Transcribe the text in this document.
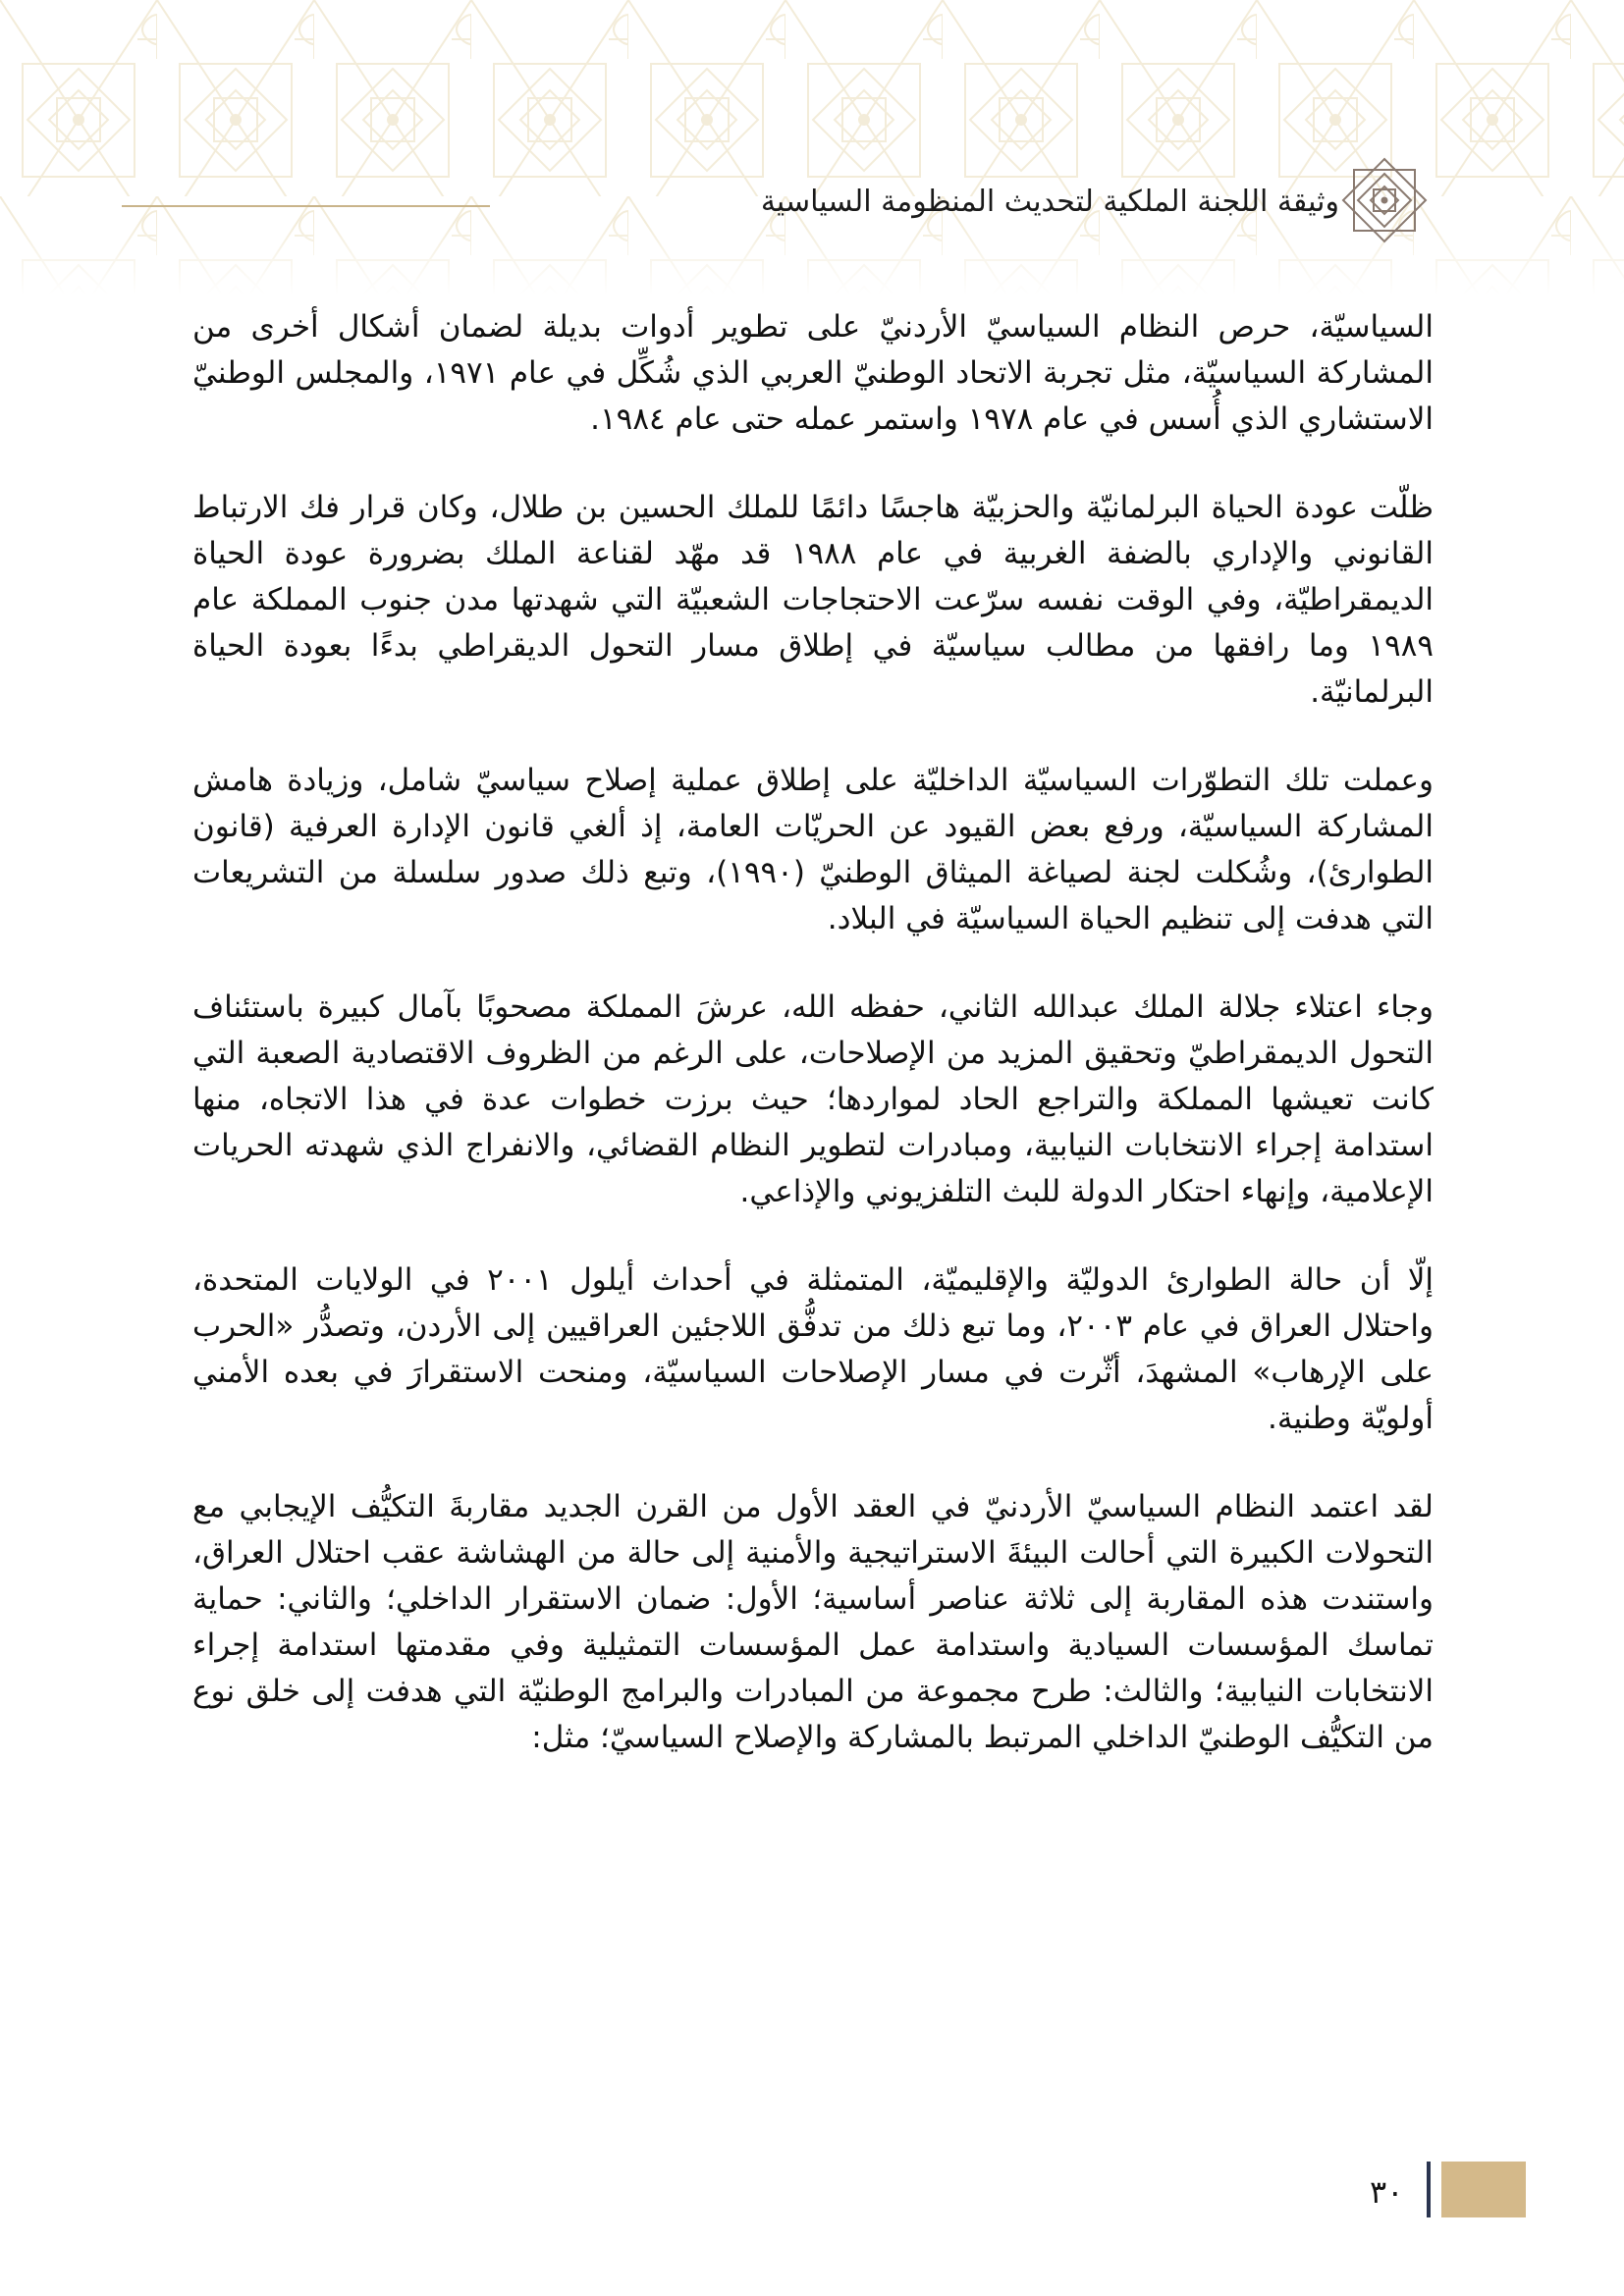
وثيقة اللجنة الملكية لتحديث المنظومة السياسية

السياسيّة، حرص النظام السياسيّ الأردنيّ على تطوير أدوات بديلة لضمان أشكال أخرى من المشاركة السياسيّة، مثل تجربة الاتحاد الوطنيّ العربي الذي شُكِّل في عام ١٩٧١، والمجلس الوطنيّ الاستشاري الذي أُسس في عام ١٩٧٨ واستمر عمله حتى عام ١٩٨٤.

ظلّت عودة الحياة البرلمانيّة والحزبيّة هاجسًا دائمًا للملك الحسين بن طلال، وكان قرار فك الارتباط القانوني والإداري بالضفة الغربية في عام ١٩٨٨ قد مهّد لقناعة الملك بضرورة عودة الحياة الديمقراطيّة، وفي الوقت نفسه سرّعت الاحتجاجات الشعبيّة التي شهدتها مدن جنوب المملكة عام ١٩٨٩ وما رافقها من مطالب سياسيّة في إطلاق مسار التحول الديقراطي بدءًا بعودة الحياة البرلمانيّة.

وعملت تلك التطوّرات السياسيّة الداخليّة على إطلاق عملية إصلاح سياسيّ شامل، وزيادة هامش المشاركة السياسيّة، ورفع بعض القيود عن الحريّات العامة، إذ ألغي قانون الإدارة العرفية (قانون الطوارئ)، وشُكلت لجنة لصياغة الميثاق الوطنيّ (١٩٩٠)، وتبع ذلك صدور سلسلة من التشريعات التي هدفت إلى تنظيم الحياة السياسيّة في البلاد.

وجاء اعتلاء جلالة الملك عبدالله الثاني، حفظه الله، عرشَ المملكة مصحوبًا بآمال كبيرة باستئناف التحول الديمقراطيّ وتحقيق المزيد من الإصلاحات، على الرغم من الظروف الاقتصادية الصعبة التي كانت تعيشها المملكة والتراجع الحاد لمواردها؛ حيث برزت خطوات عدة في هذا الاتجاه، منها استدامة إجراء الانتخابات النيابية، ومبادرات لتطوير النظام القضائي، والانفراج الذي شهدته الحريات الإعلامية، وإنهاء احتكار الدولة للبث التلفزيوني والإذاعي.

إلّا أن حالة الطوارئ الدوليّة والإقليميّة، المتمثلة في أحداث أيلول ٢٠٠١ في الولايات المتحدة، واحتلال العراق في عام ٢٠٠٣، وما تبع ذلك من تدفُّق اللاجئين العراقيين إلى الأردن، وتصدُّر «الحرب على الإرهاب» المشهدَ، أثّرت في مسار الإصلاحات السياسيّة، ومنحت الاستقرارَ في بعده الأمني أولويّة وطنية.

لقد اعتمد النظام السياسيّ الأردنيّ في العقد الأول من القرن الجديد مقاربةَ التكيُّف الإيجابي مع التحولات الكبيرة التي أحالت البيئةَ الاستراتيجية والأمنية إلى حالة من الهشاشة عقب احتلال العراق، واستندت هذه المقاربة إلى ثلاثة عناصر أساسية؛ الأول: ضمان الاستقرار الداخلي؛ والثاني: حماية تماسك المؤسسات السيادية واستدامة عمل المؤسسات التمثيلية وفي مقدمتها استدامة إجراء الانتخابات النيابية؛ والثالث: طرح مجموعة من المبادرات والبرامج الوطنيّة التي هدفت إلى خلق نوع من التكيُّف الوطنيّ الداخلي المرتبط بالمشاركة والإصلاح السياسيّ؛ مثل:

٣٠
